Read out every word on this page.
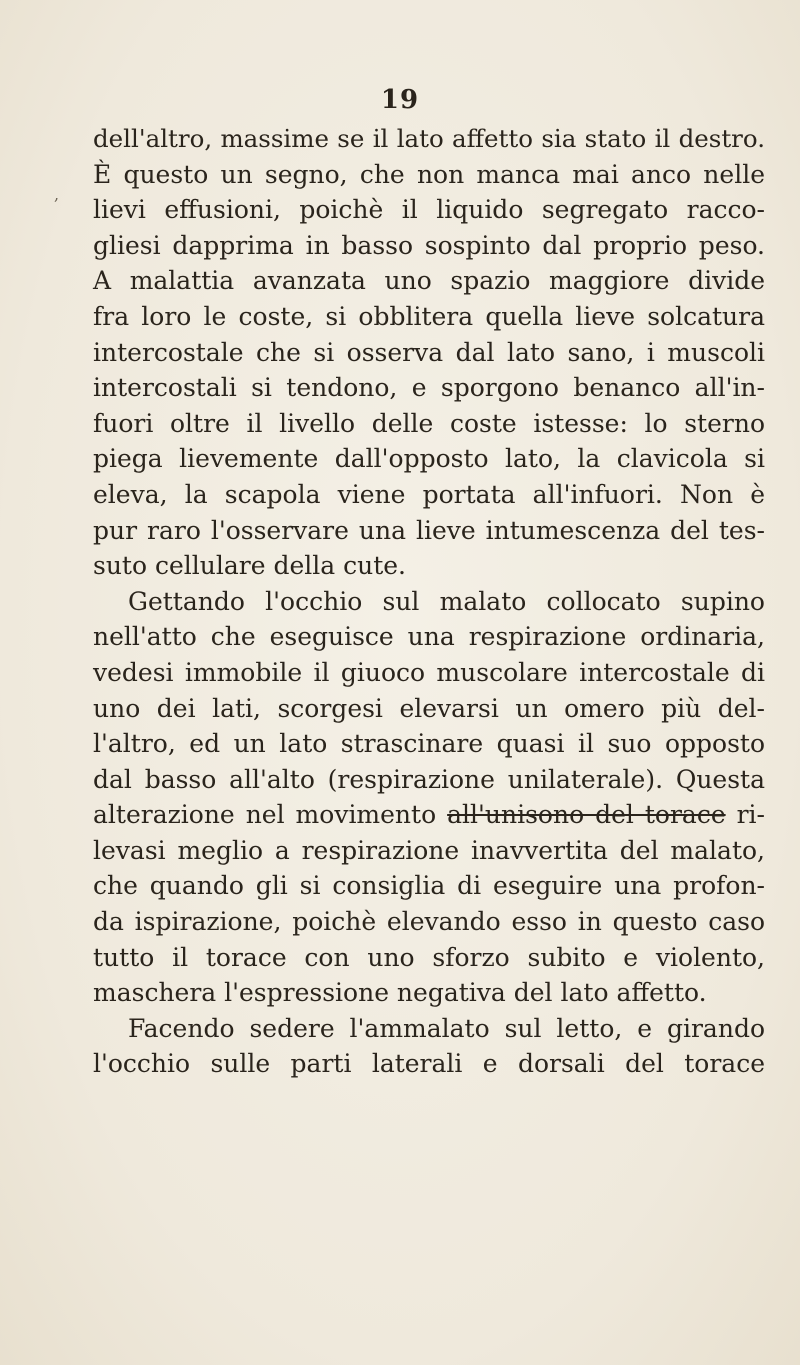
19
,
dell'altro, massime se il lato affetto sia stato il destro.
È questo un segno, che non manca mai anco nelle
lievi effusioni, poichè il liquido segregato racco-
gliesi dapprima in basso sospinto dal proprio peso.
A malattia avanzata uno spazio maggiore divide
fra loro le coste, si obblitera quella lieve solcatura
intercostale che si osserva dal lato sano, i muscoli
intercostali si tendono, e sporgono benanco all'in-
fuori oltre il livello delle coste istesse: lo sterno
piega lievemente dall'opposto lato, la clavicola si
eleva, la scapola viene portata all'infuori. Non è
pur raro l'osservare una lieve intumescenza del tes-
suto cellulare della cute.
Gettando l'occhio sul malato collocato supino
nell'atto che eseguisce una respirazione ordinaria,
vedesi immobile il giuoco muscolare intercostale di
uno dei lati, scorgesi elevarsi un omero più del-
l'altro, ed un lato strascinare quasi il suo opposto
dal basso all'alto (respirazione unilaterale). Questa
alterazione nel movimento all'unisono del torace ri-
levasi meglio a respirazione inavvertita del malato,
che quando gli si consiglia di eseguire una profon-
da ispirazione, poichè elevando esso in questo caso
tutto il torace con uno sforzo subito e violento,
maschera l'espressione negativa del lato affetto.
Facendo sedere l'ammalato sul letto, e girando
l'occhio sulle parti laterali e dorsali del torace
